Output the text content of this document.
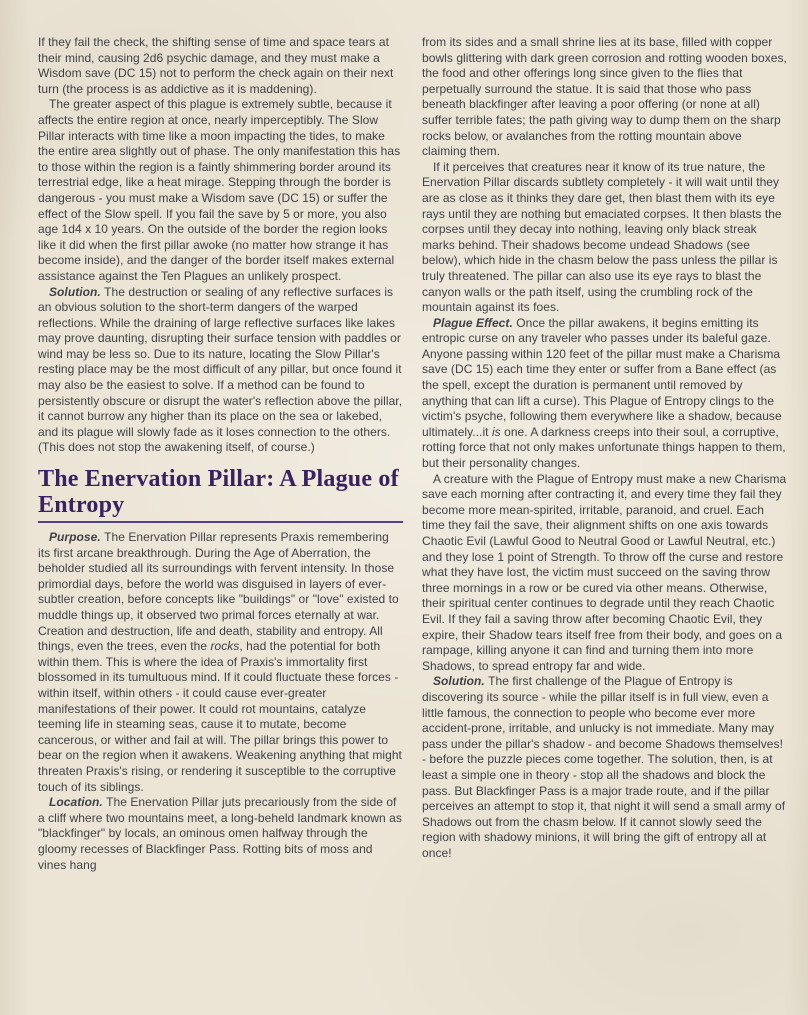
If they fail the check, the shifting sense of time and space tears at their mind, causing 2d6 psychic damage, and they must make a Wisdom save (DC 15) not to perform the check again on their next turn (the process is as addictive as it is maddening).

The greater aspect of this plague is extremely subtle, because it affects the entire region at once, nearly imperceptibly. The Slow Pillar interacts with time like a moon impacting the tides, to make the entire area slightly out of phase. The only manifestation this has to those within the region is a faintly shimmering border around its terrestrial edge, like a heat mirage. Stepping through the border is dangerous - you must make a Wisdom save (DC 15) or suffer the effect of the Slow spell. If you fail the save by 5 or more, you also age 1d4 x 10 years. On the outside of the border the region looks like it did when the first pillar awoke (no matter how strange it has become inside), and the danger of the border itself makes external assistance against the Ten Plagues an unlikely prospect.

Solution. The destruction or sealing of any reflective surfaces is an obvious solution to the short-term dangers of the warped reflections. While the draining of large reflective surfaces like lakes may prove daunting, disrupting their surface tension with paddles or wind may be less so. Due to its nature, locating the Slow Pillar's resting place may be the most difficult of any pillar, but once found it may also be the easiest to solve. If a method can be found to persistently obscure or disrupt the water's reflection above the pillar, it cannot burrow any higher than its place on the sea or lakebed, and its plague will slowly fade as it loses connection to the others. (This does not stop the awakening itself, of course.)

The Enervation Pillar: A Plague of
Entropy

Purpose. The Enervation Pillar represents Praxis remembering its first arcane breakthrough. During the Age of Aberration, the beholder studied all its surroundings with fervent intensity. In those primordial days, before the world was disguised in layers of ever-subtler creation, before concepts like "buildings" or "love" existed to muddle things up, it observed two primal forces eternally at war. Creation and destruction, life and death, stability and entropy. All things, even the trees, even the rocks, had the potential for both within them. This is where the idea of Praxis's immortality first blossomed in its tumultuous mind. If it could fluctuate these forces - within itself, within others - it could cause ever-greater manifestations of their power. It could rot mountains, catalyze teeming life in steaming seas, cause it to mutate, become cancerous, or wither and fail at will. The pillar brings this power to bear on the region when it awakens. Weakening anything that might threaten Praxis's rising, or rendering it susceptible to the corruptive touch of its siblings.

Location. The Enervation Pillar juts precariously from the side of a cliff where two mountains meet, a long-beheld landmark known as "blackfinger" by locals, an ominous omen halfway through the gloomy recesses of Blackfinger Pass. Rotting bits of moss and vines hang

from its sides and a small shrine lies at its base, filled with copper bowls glittering with dark green corrosion and rotting wooden boxes, the food and other offerings long since given to the flies that perpetually surround the statue. It is said that those who pass beneath blackfinger after leaving a poor offering (or none at all) suffer terrible fates; the path giving way to dump them on the sharp rocks below, or avalanches from the rotting mountain above claiming them.

If it perceives that creatures near it know of its true nature, the Enervation Pillar discards subtlety completely - it will wait until they are as close as it thinks they dare get, then blast them with its eye rays until they are nothing but emaciated corpses. It then blasts the corpses until they decay into nothing, leaving only black streak marks behind. Their shadows become undead Shadows (see below), which hide in the chasm below the pass unless the pillar is truly threatened. The pillar can also use its eye rays to blast the canyon walls or the path itself, using the crumbling rock of the mountain against its foes.

Plague Effect. Once the pillar awakens, it begins emitting its entropic curse on any traveler who passes under its baleful gaze. Anyone passing within 120 feet of the pillar must make a Charisma save (DC 15) each time they enter or suffer from a Bane effect (as the spell, except the duration is permanent until removed by anything that can lift a curse). This Plague of Entropy clings to the victim's psyche, following them everywhere like a shadow, because ultimately...it is one. A darkness creeps into their soul, a corruptive, rotting force that not only makes unfortunate things happen to them, but their personality changes.

A creature with the Plague of Entropy must make a new Charisma save each morning after contracting it, and every time they fail they become more mean-spirited, irritable, paranoid, and cruel. Each time they fail the save, their alignment shifts on one axis towards Chaotic Evil (Lawful Good to Neutral Good or Lawful Neutral, etc.) and they lose 1 point of Strength. To throw off the curse and restore what they have lost, the victim must succeed on the saving throw three mornings in a row or be cured via other means. Otherwise, their spiritual center continues to degrade until they reach Chaotic Evil. If they fail a saving throw after becoming Chaotic Evil, they expire, their Shadow tears itself free from their body, and goes on a rampage, killing anyone it can find and turning them into more Shadows, to spread entropy far and wide.

Solution. The first challenge of the Plague of Entropy is discovering its source - while the pillar itself is in full view, even a little famous, the connection to people who become ever more accident-prone, irritable, and unlucky is not immediate. Many may pass under the pillar's shadow - and become Shadows themselves! - before the puzzle pieces come together. The solution, then, is at least a simple one in theory - stop all the shadows and block the pass. But Blackfinger Pass is a major trade route, and if the pillar perceives an attempt to stop it, that night it will send a small army of Shadows out from the chasm below. If it cannot slowly seed the region with shadowy minions, it will bring the gift of entropy all at once!
